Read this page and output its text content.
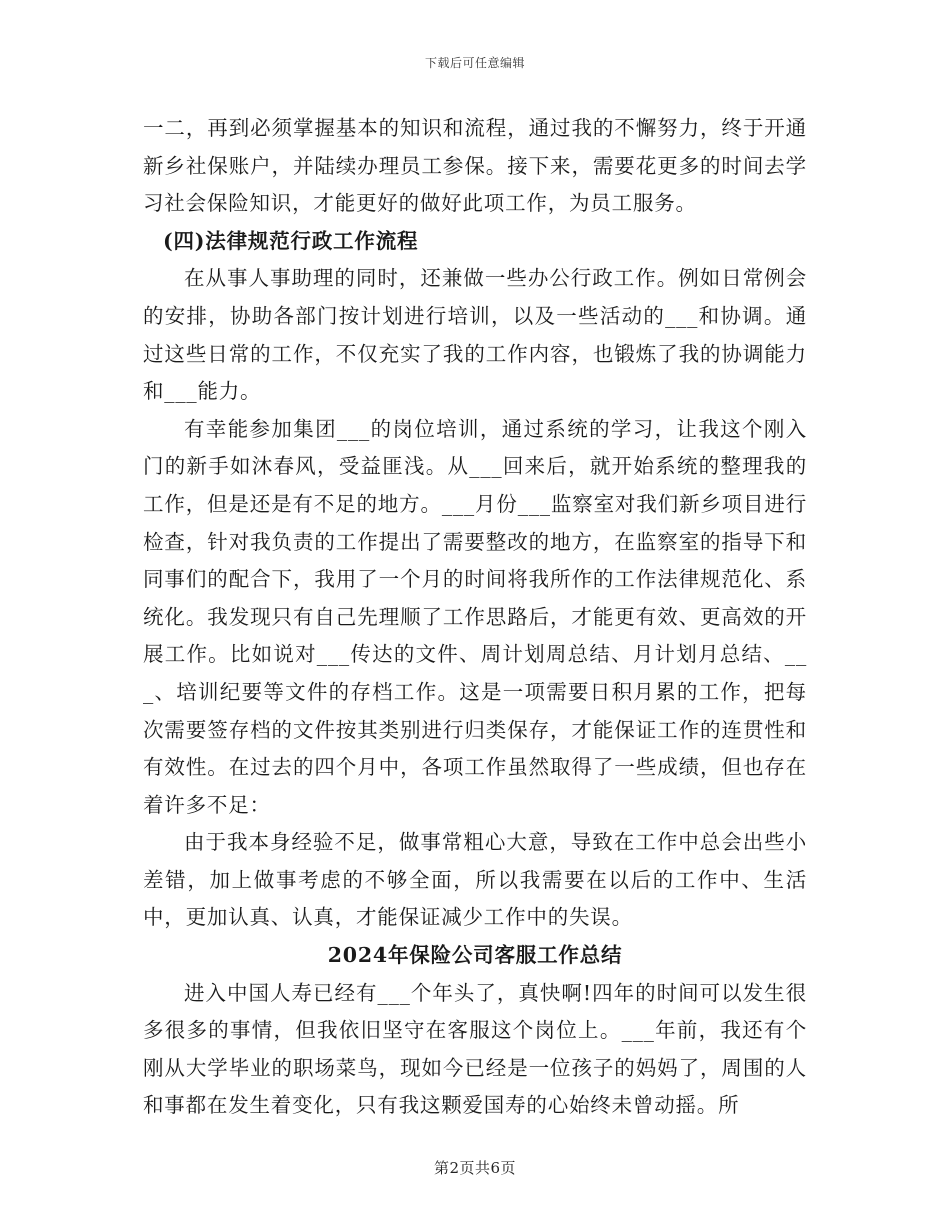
下载后可任意编辑

一二，再到必须掌握基本的知识和流程，通过我的不懈努力，终于开通新乡社保账户，并陆续办理员工参保。接下来，需要花更多的时间去学习社会保险知识，才能更好的做好此项工作，为员工服务。

(四)法律规范行政工作流程

在从事人事助理的同时，还兼做一些办公行政工作。例如日常例会的安排，协助各部门按计划进行培训，以及一些活动的___和协调。通过这些日常的工作，不仅充实了我的工作内容，也锻炼了我的协调能力和___能力。

有幸能参加集团___的岗位培训，通过系统的学习，让我这个刚入门的新手如沐春风，受益匪浅。从___回来后，就开始系统的整理我的工作，但是还是有不足的地方。___月份___监察室对我们新乡项目进行检查，针对我负责的工作提出了需要整改的地方，在监察室的指导下和同事们的配合下，我用了一个月的时间将我所作的工作法律规范化、系统化。我发现只有自己先理顺了工作思路后，才能更有效、更高效的开展工作。比如说对___传达的文件、周计划周总结、月计划月总结、___、培训纪要等文件的存档工作。这是一项需要日积月累的工作，把每次需要签存档的文件按其类别进行归类保存，才能保证工作的连贯性和有效性。在过去的四个月中，各项工作虽然取得了一些成绩，但也存在着许多不足：

由于我本身经验不足，做事常粗心大意，导致在工作中总会出些小差错，加上做事考虑的不够全面，所以我需要在以后的工作中、生活中，更加认真、认真，才能保证减少工作中的失误。

2024年保险公司客服工作总结

进入中国人寿已经有___个年头了，真快啊!四年的时间可以发生很多很多的事情，但我依旧坚守在客服这个岗位上。___年前，我还有个刚从大学毕业的职场菜鸟，现如今已经是一位孩子的妈妈了，周围的人和事都在发生着变化，只有我这颗爱国寿的心始终未曾动摇。所

第2页共6页
